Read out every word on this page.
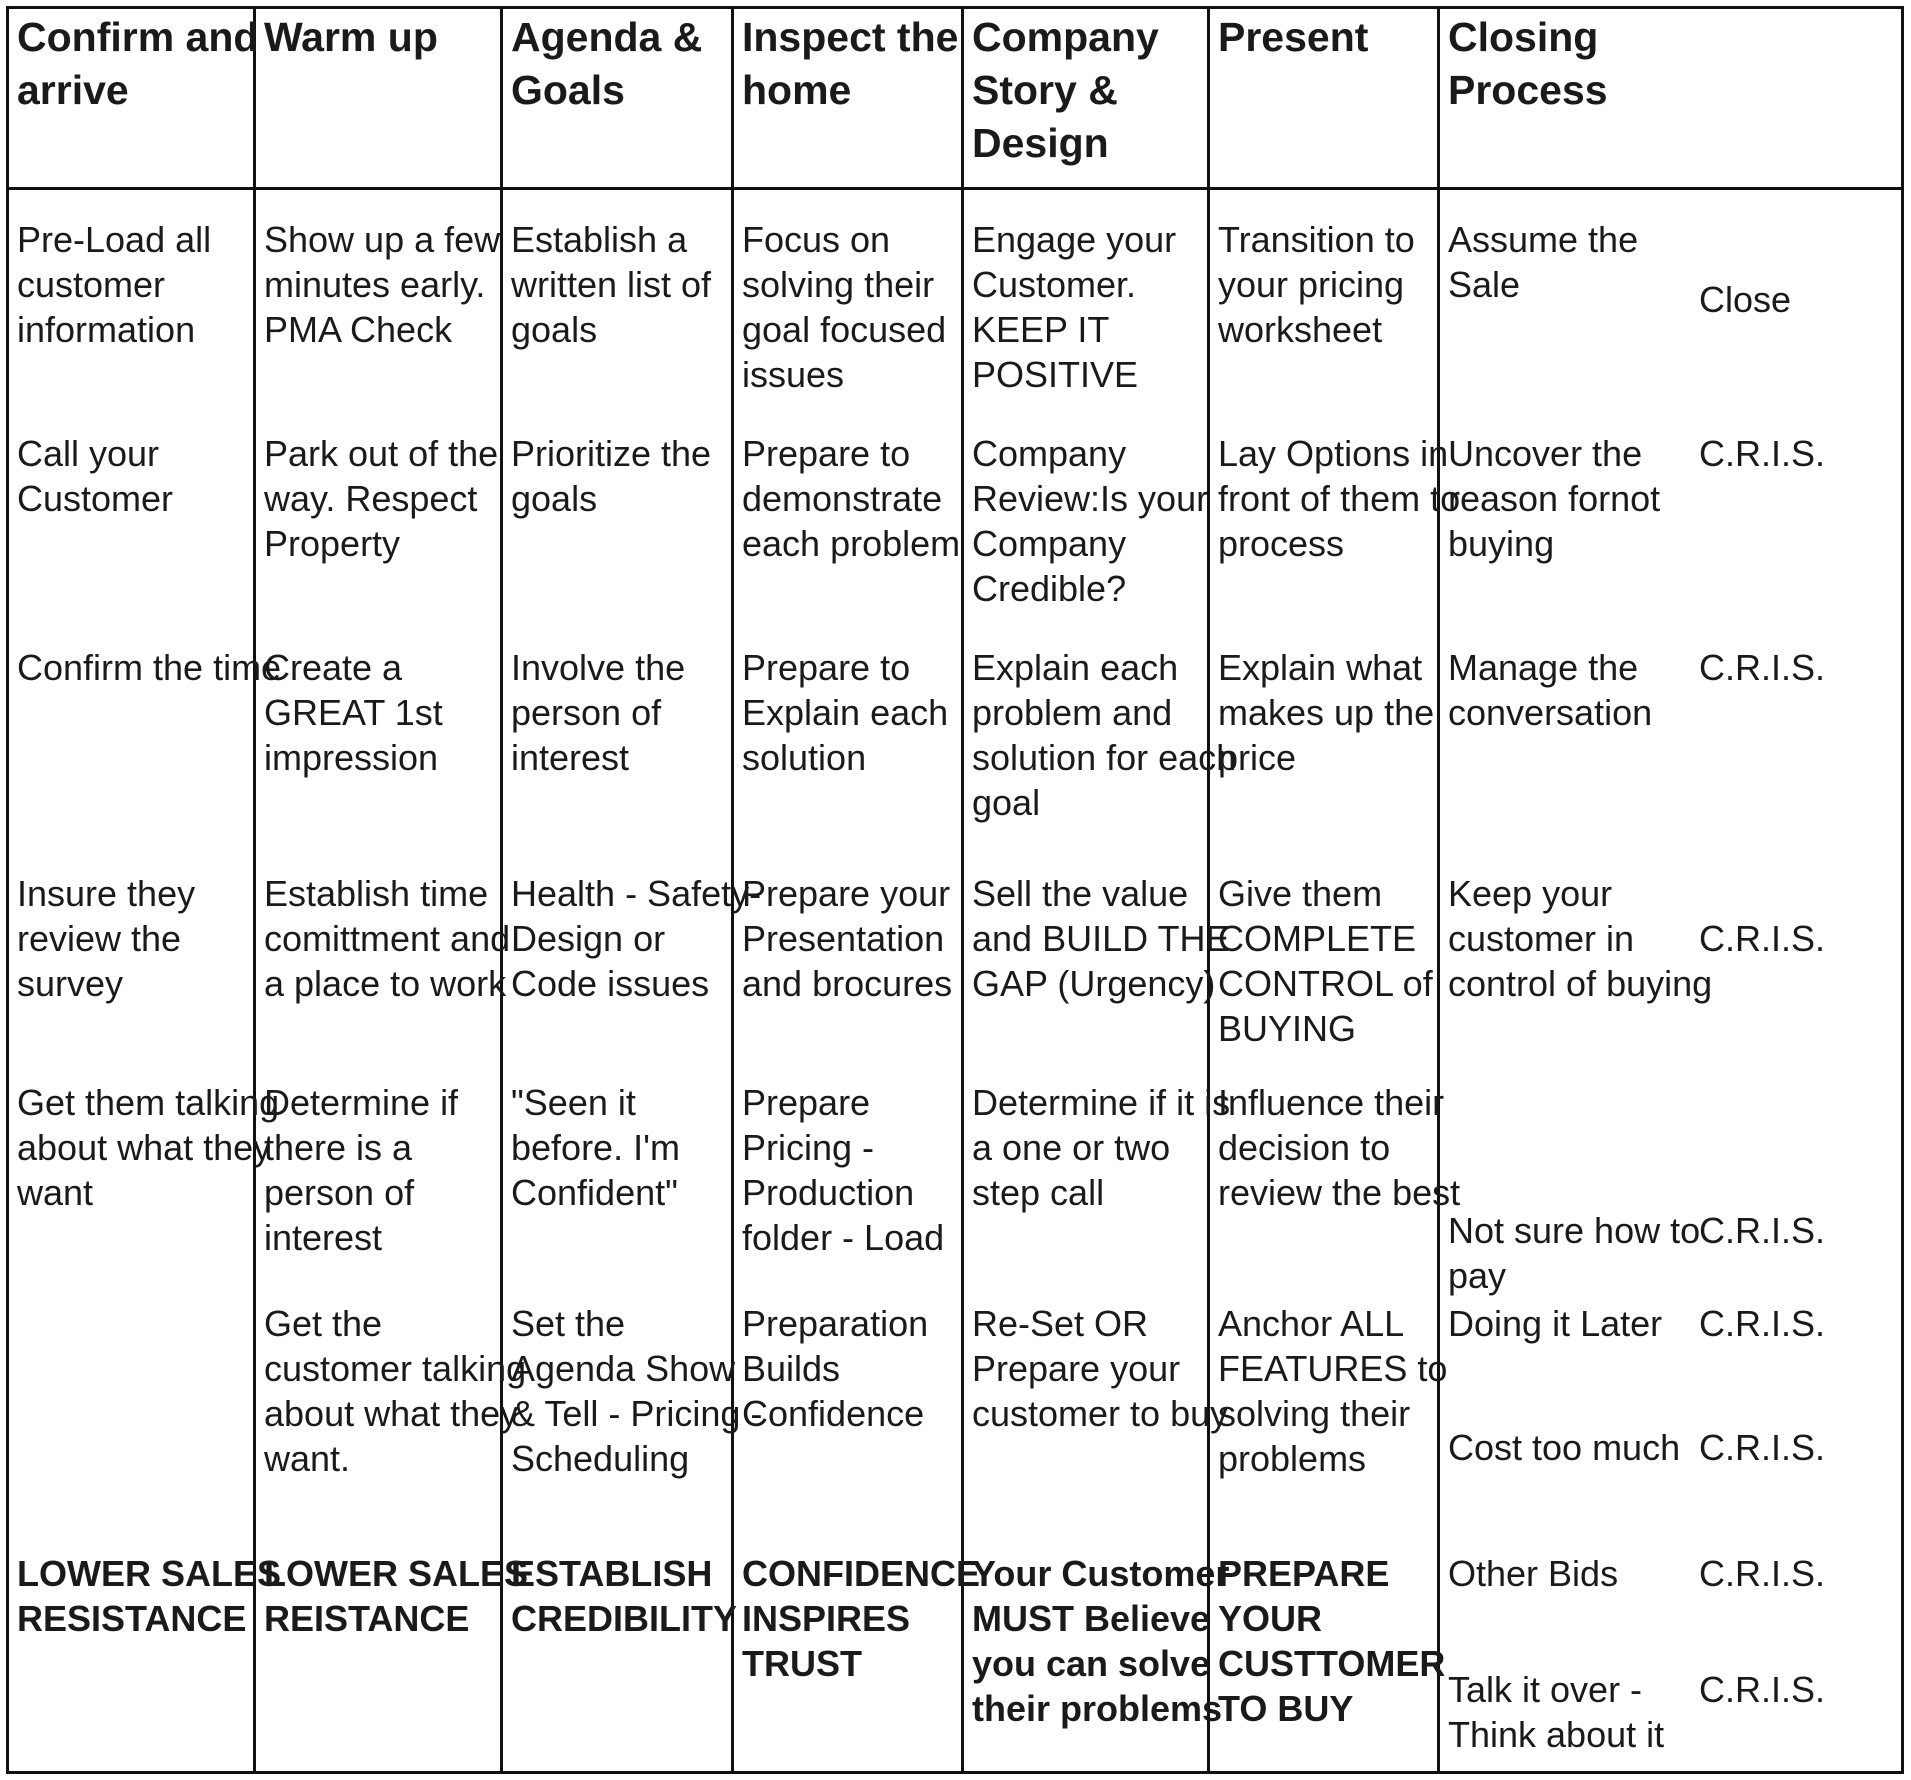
Confirm and
arrive
Warm up Agenda &
Goals
Inspect the
home
Company
Story &
Design
Present Closing
Process
Pre-Load all
customer
information
Call your
Customer
Confirm the time
Insure they
review the
survey
Get them talking
about what they
want
LOWER SALES
RESISTANCE
Show up a few
minutes early.
PMA Check
Park out of the
way. Respect
Property
Create a
GREAT 1st
impression
Establish time
comittment and
a place to work
Determine if
there is a
person of
interest
Get the
customer talking
about what they
want.
LOWER SALES
REISTANCE
Establish a
written list of
goals
Prioritize the
goals
Involve the
person of
interest
Health - Safety-
Design or
Code issues
"Seen it
before. I'm
Confident"
Set the
Agenda Show
& Tell - Pricing -
Scheduling
ESTABLISH
CREDIBILITY
Focus on
solving their
goal focused
issues
Prepare to
demonstrate
each problem
Prepare to
Explain each
solution
Prepare your
Presentation
and brocures
Prepare
Pricing -
Production
folder - Load
Preparation
Builds
Confidence
CONFIDENCE
INSPIRES
TRUST
Engage your
Customer.
KEEP IT
POSITIVE
Company
Review:Is your
Company
Credible?
Explain each
problem and
solution for each
goal
Sell the value
and BUILD THE
GAP (Urgency)
Determine if it is
a one or two
step call
Re-Set OR
Prepare your
customer to buy
Your Customer
MUST Believe
you can solve
their problems
Transition to
your pricing
worksheet
Lay Options in
front of them to
process
Explain what
makes up the
price
Give them
COMPLETE
CONTROL of
BUYING
Influence their
decision to
review the best
Anchor ALL
FEATURES to
solving their
problems
PREPARE
YOUR
CUSTTOMER
TO BUY
Assume the
Sale	Close
Uncover the
reason fornot
buying
C.R.I.S.
Manage the
conversation
C.R.I.S.
Keep your
customer in
control of buying
C.R.I.S.
Not sure how to
pay
C.R.I.S.
Doing it Later C.R.I.S.
Cost too much C.R.I.S.
Other Bids C.R.I.S.
Talk it over -
Think about it
C.R.I.S.
